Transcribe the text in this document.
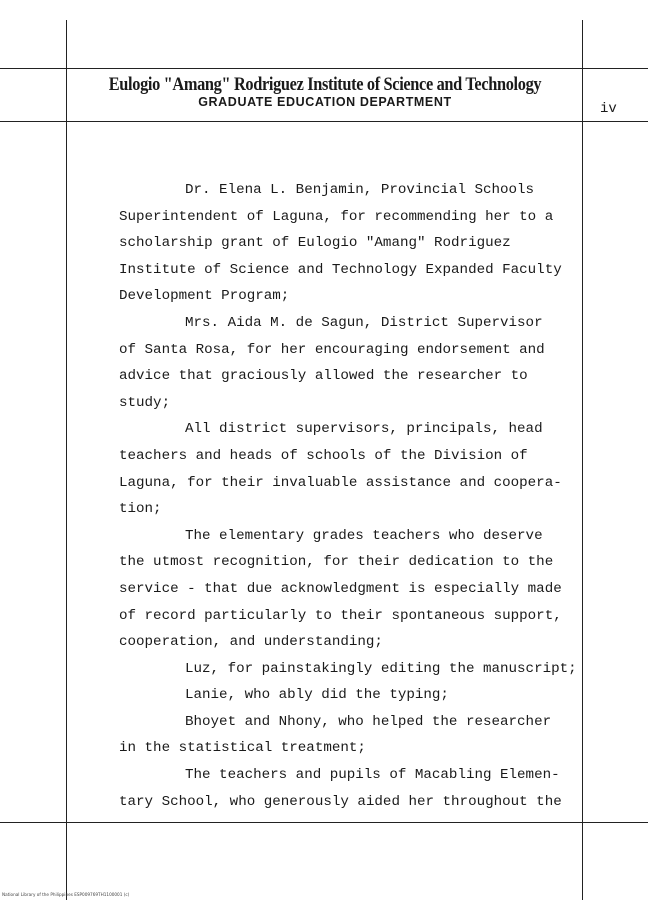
Eulogio "Amang" Rodriguez Institute of Science and Technology
GRADUATE EDUCATION DEPARTMENT	iv
Dr. Elena L. Benjamin, Provincial Schools
Superintendent of Laguna, for recommending her to a
scholarship grant of Eulogio "Amang" Rodriguez
Institute of Science and Technology Expanded Faculty
Development Program;
Mrs. Aida M. de Sagun, District Supervisor
of Santa Rosa, for her encouraging endorsement and
advice that graciously allowed the researcher to
study;
All district supervisors, principals, head
teachers and heads of schools of the Division of
Laguna, for their invaluable assistance and coopera-
tion;
The elementary grades teachers who deserve
the utmost recognition, for their dedication to the
service - that due acknowledgment is especially made
of record particularly to their spontaneous support,
cooperation, and understanding;
Luz, for painstakingly editing the manuscript;
Lanie, who ably did the typing;
Bhoyet and Nhony, who helped the researcher
in the statistical treatment;
The teachers and pupils of Macabling Elemen-
tary School, who generously aided her throughout the
National Library of the Philippines ESP009769TH1100001 (c)
